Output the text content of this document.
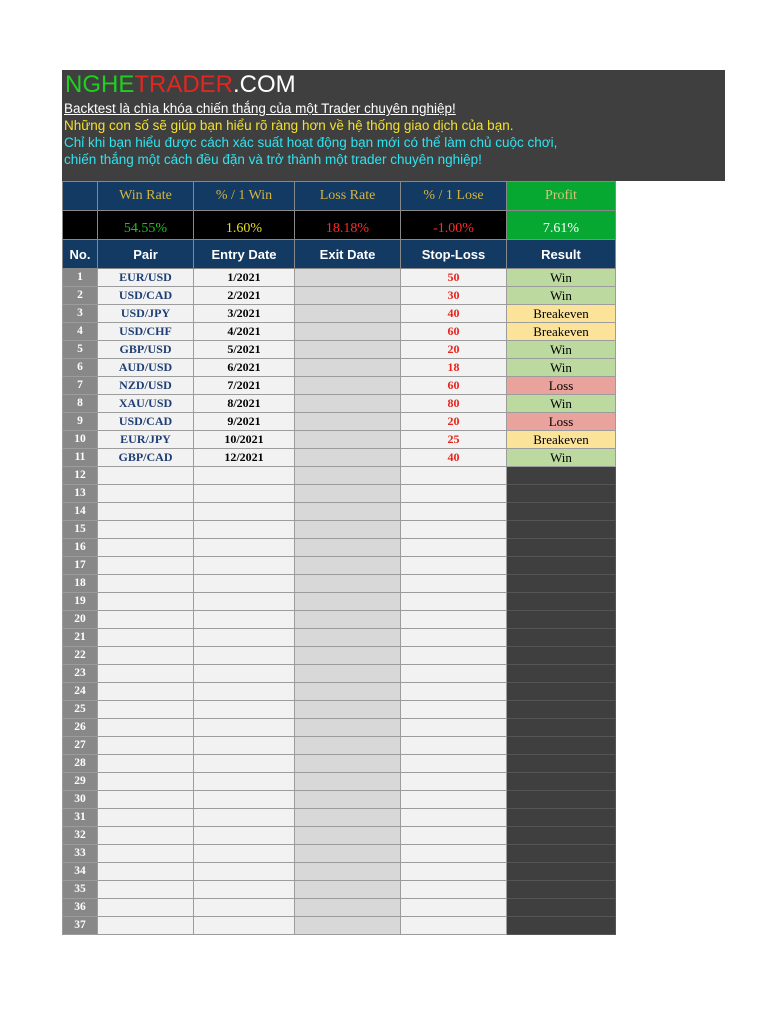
NGHETRADER.COM
Backtest là chìa khóa chiến thắng của một Trader chuyên nghiệp!
Những con số sẽ giúp bạn hiểu rõ ràng hơn về hệ thống giao dịch của bạn.
Chỉ khi bạn hiểu được cách xác suất hoạt động bạn mới có thể làm chủ cuộc chơi,
chiến thắng một cách đều đặn và trở thành một trader chuyên nghiệp!
	Win Rate	% / 1 Win	Loss Rate	% / 1 Lose	Profit
	54.55%	1.60%	18.18%	-1.00%	7.61%
No.	Pair	Entry Date	Exit Date	Stop-Loss	Result
1	EUR/USD	1/2021		50	Win
2	USD/CAD	2/2021		30	Win
3	USD/JPY	3/2021		40	Breakeven
4	USD/CHF	4/2021		60	Breakeven
5	GBP/USD	5/2021		20	Win
6	AUD/USD	6/2021		18	Win
7	NZD/USD	7/2021		60	Loss
8	XAU/USD	8/2021		80	Win
9	USD/CAD	9/2021		20	Loss
10	EUR/JPY	10/2021		25	Breakeven
11	GBP/CAD	12/2021		40	Win
12					
13					
14					
15					
16					
17					
18					
19					
20					
21					
22					
23					
24					
25					
26					
27					
28					
29					
30					
31					
32					
33					
34					
35					
36					
37					
